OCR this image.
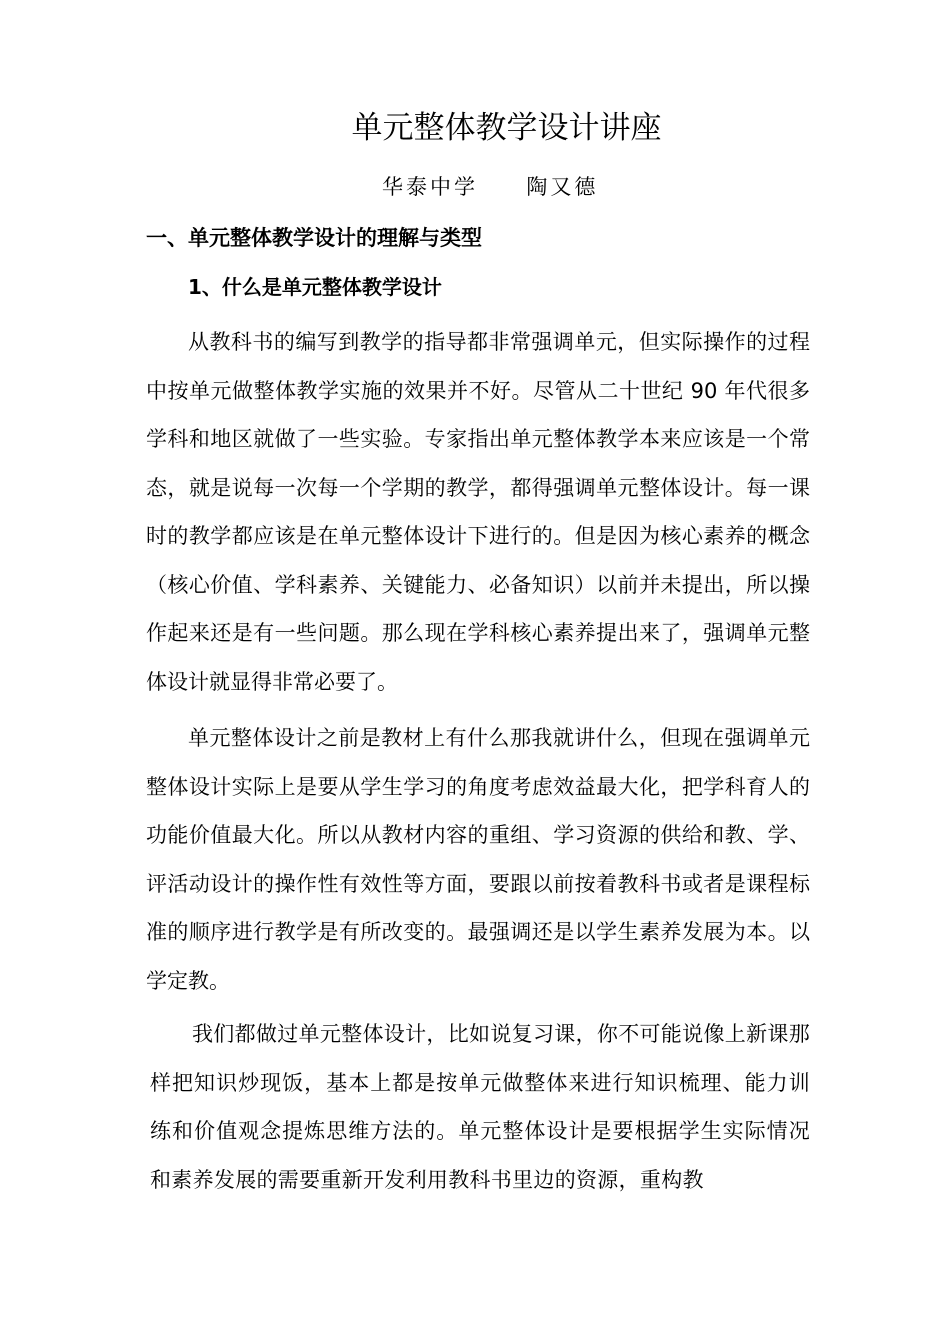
单元整体教学设计讲座
华泰中学     陶又德
一、单元整体教学设计的理解与类型
1、什么是单元整体教学设计

从教科书的编写到教学的指导都非常强调单元，但实际操作的过程中按单元做整体教学实施的效果并不好。尽管从二十世纪 90 年代很多学科和地区就做了一些实验。专家指出单元整体教学本来应该是一个常态，就是说每一次每一个学期的教学，都得强调单元整体设计。每一课时的教学都应该是在单元整体设计下进行的。但是因为核心素养的概念（核心价值、学科素养、关键能力、必备知识）以前并未提出，所以操作起来还是有一些问题。那么现在学科核心素养提出来了，强调单元整体设计就显得非常必要了。

单元整体设计之前是教材上有什么那我就讲什么，但现在强调单元整体设计实际上是要从学生学习的角度考虑效益最大化，把学科育人的功能价值最大化。所以从教材内容的重组、学习资源的供给和教、学、评活动设计的操作性有效性等方面，要跟以前按着教科书或者是课程标准的顺序进行教学是有所改变的。最强调还是以学生素养发展为本。以学定教。

我们都做过单元整体设计，比如说复习课，你不可能说像上新课那样把知识炒现饭，基本上都是按单元做整体来进行知识梳理、能力训练和价值观念提炼思维方法的。单元整体设计是要根据学生实际情况和素养发展的需要重新开发利用教科书里边的资源，重构教
